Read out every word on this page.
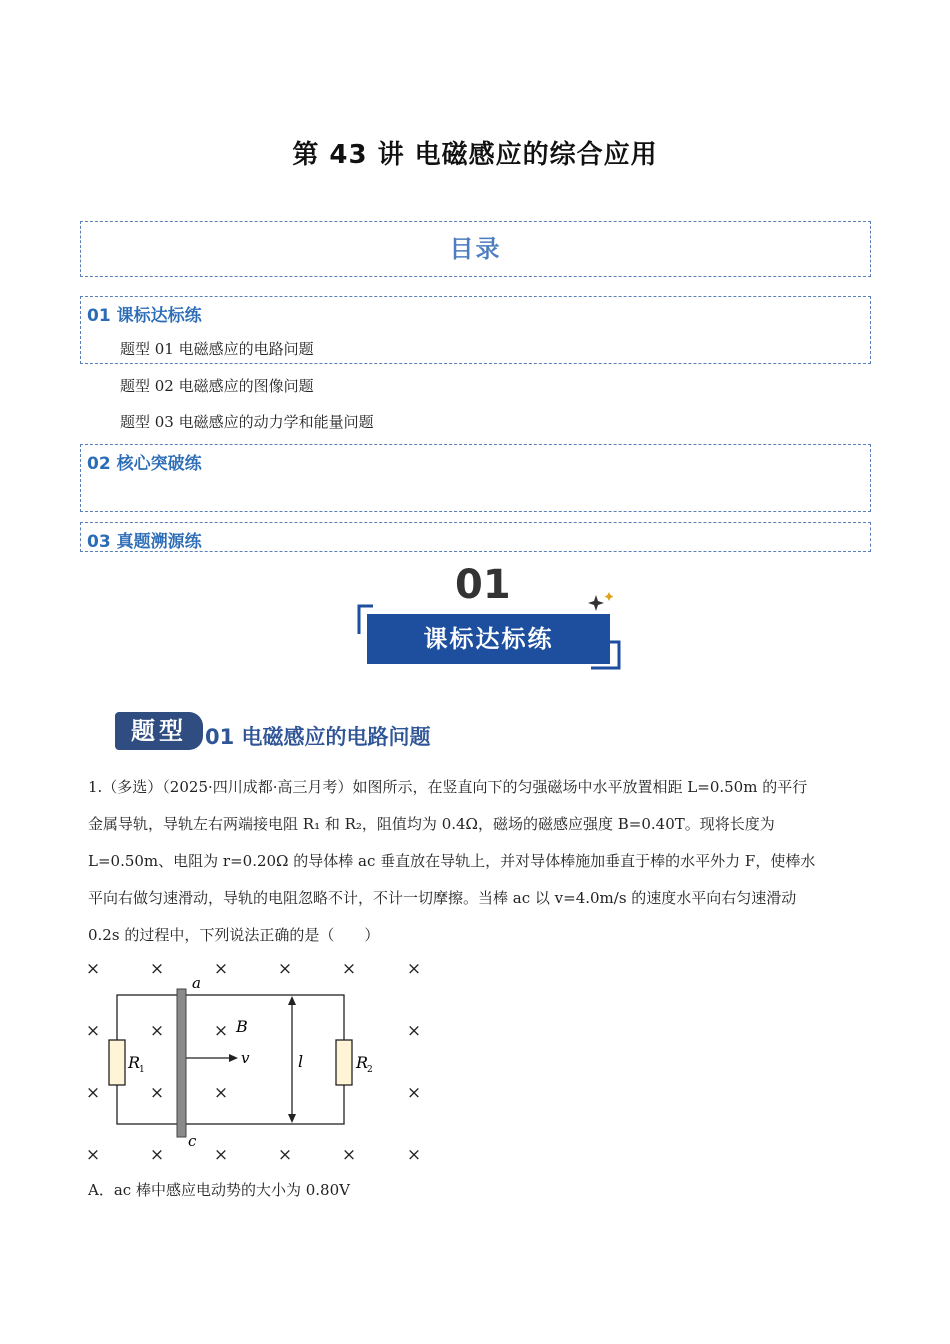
第 43 讲 电磁感应的综合应用
目录
01 课标达标练
题型 01 电磁感应的电路问题
题型 02 电磁感应的图像问题
题型 03 电磁感应的动力学和能量问题
02 核心突破练
03 真题溯源练
01
课标达标练
题型 01 电磁感应的电路问题
1.（多选）（2025·四川成都·高三月考）如图所示，在竖直向下的匀强磁场中水平放置相距 L=0.50m 的平行
金属导轨，导轨左右两端接电阻 R₁ 和 R₂，阻值均为 0.4Ω，磁场的磁感应强度 B=0.40T。现将长度为
L=0.50m、电阻为 r=0.20Ω 的导体棒 ac 垂直放在导轨上，并对导体棒施加垂直于棒的水平外力 F，使棒水
平向右做匀速滑动，导轨的电阻忽略不计，不计一切摩擦。当棒 ac 以 v=4.0m/s 的速度水平向右匀速滑动
0.2s 的过程中，下列说法正确的是（　　）
×	×	×	×	×	×
×	×	×	×
×	×	×	×
×	×	×	×	×	×
R
1	R
2
a
c
v
B
l
A．ac 棒中感应电动势的大小为 0.80V
